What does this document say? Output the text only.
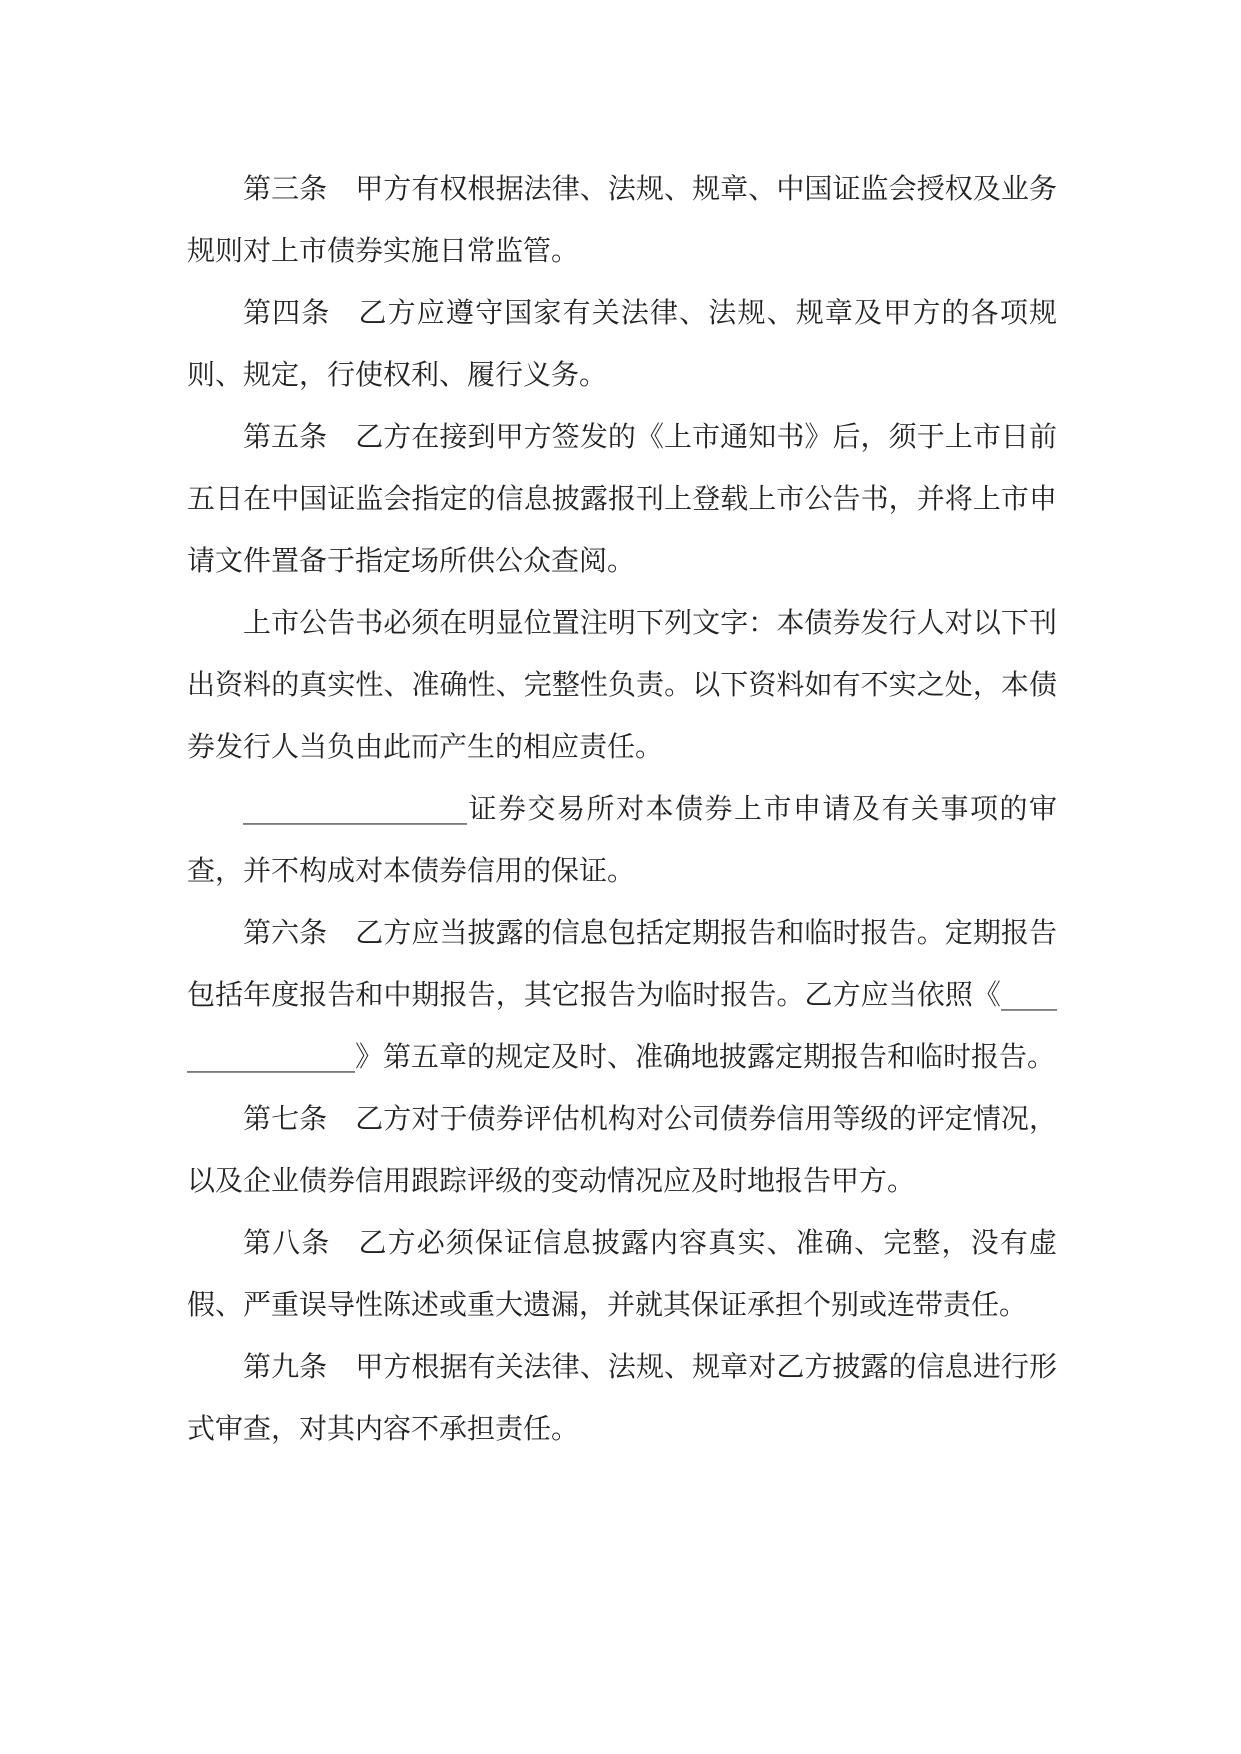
第三条 甲方有权根据法律、法规、规章、中国证监会授权及业务规则对上市债券实施日常监管。

第四条 乙方应遵守国家有关法律、法规、规章及甲方的各项规则、规定，行使权利、履行义务。

第五条 乙方在接到甲方签发的《上市通知书》后，须于上市日前五日在中国证监会指定的信息披露报刊上登载上市公告书，并将上市申请文件置备于指定场所供公众查阅。

上市公告书必须在明显位置注明下列文字：本债券发行人对以下刊出资料的真实性、准确性、完整性负责。以下资料如有不实之处，本债券发行人当负由此而产生的相应责任。

________________证券交易所对本债券上市申请及有关事项的审查，并不构成对本债券信用的保证。

第六条 乙方应当披露的信息包括定期报告和临时报告。定期报告包括年度报告和中期报告，其它报告为临时报告。乙方应当依照《________________》第五章的规定及时、准确地披露定期报告和临时报告。

第七条 乙方对于债券评估机构对公司债券信用等级的评定情况，以及企业债券信用跟踪评级的变动情况应及时地报告甲方。

第八条 乙方必须保证信息披露内容真实、准确、完整，没有虚假、严重误导性陈述或重大遗漏，并就其保证承担个别或连带责任。

第九条 甲方根据有关法律、法规、规章对乙方披露的信息进行形式审查，对其内容不承担责任。
